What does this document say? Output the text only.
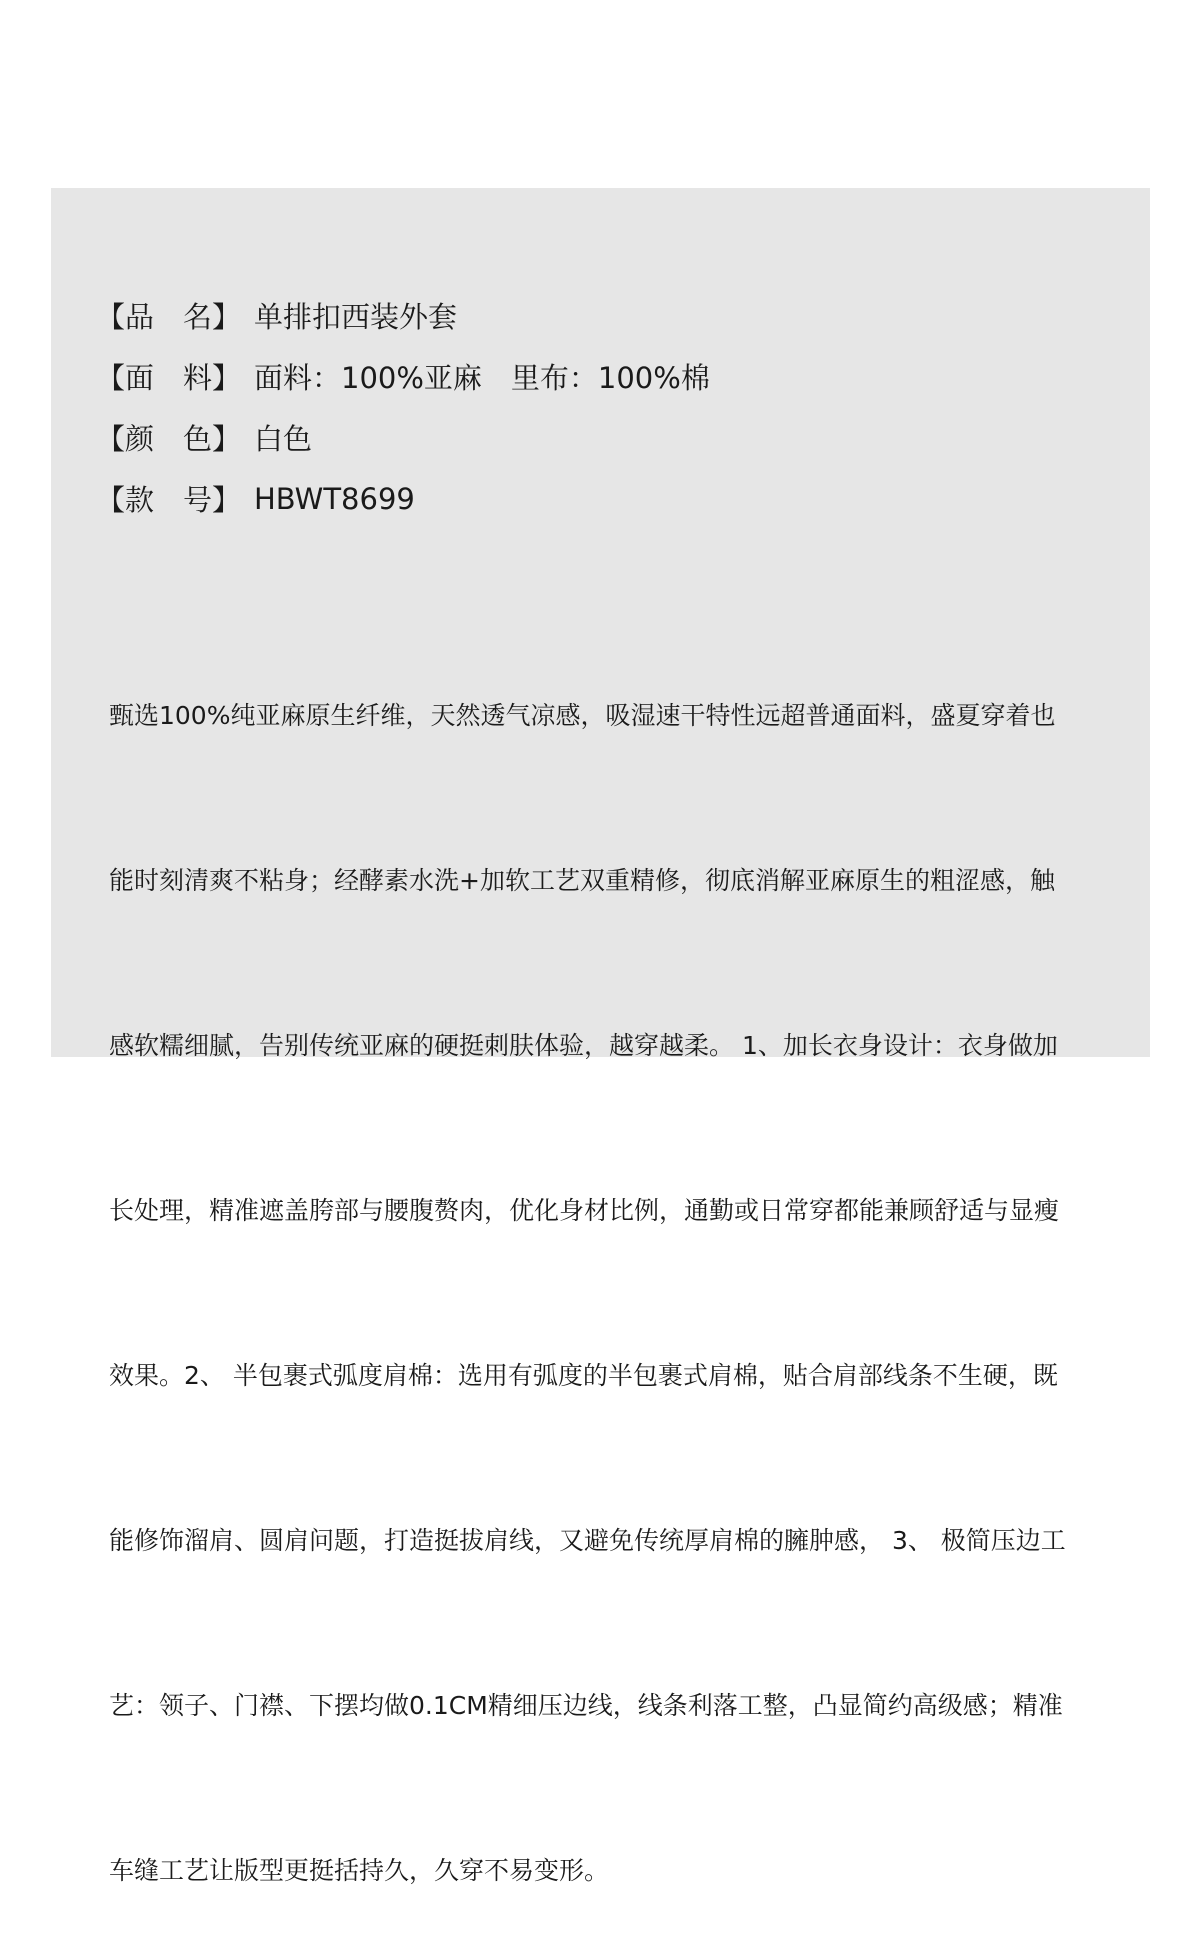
【品　名】 单排扣西装外套
【面　料】 面料：100%亚麻　里布：100%棉
【颜　色】 白色
【款　号】 HBWT8699

甄选100%纯亚麻原生纤维，天然透气凉感，吸湿速干特性远超普通面料，盛夏穿着也

能时刻清爽不粘身；经酵素水洗+加软工艺双重精修，彻底消解亚麻原生的粗涩感，触

感软糯细腻，告别传统亚麻的硬挺刺肤体验，越穿越柔。 1、加长衣身设计：衣身做加

长处理，精准遮盖胯部与腰腹赘肉，优化身材比例，通勤或日常穿都能兼顾舒适与显瘦

效果。2、 半包裹式弧度肩棉：选用有弧度的半包裹式肩棉，贴合肩部线条不生硬，既

能修饰溜肩、圆肩问题，打造挺拔肩线，又避免传统厚肩棉的臃肿感， 3、 极简压边工

艺：领子、门襟、下摆均做0.1CM精细压边线，线条利落工整，凸显简约高级感；精准

车缝工艺让版型更挺括持久，久穿不易变形。
